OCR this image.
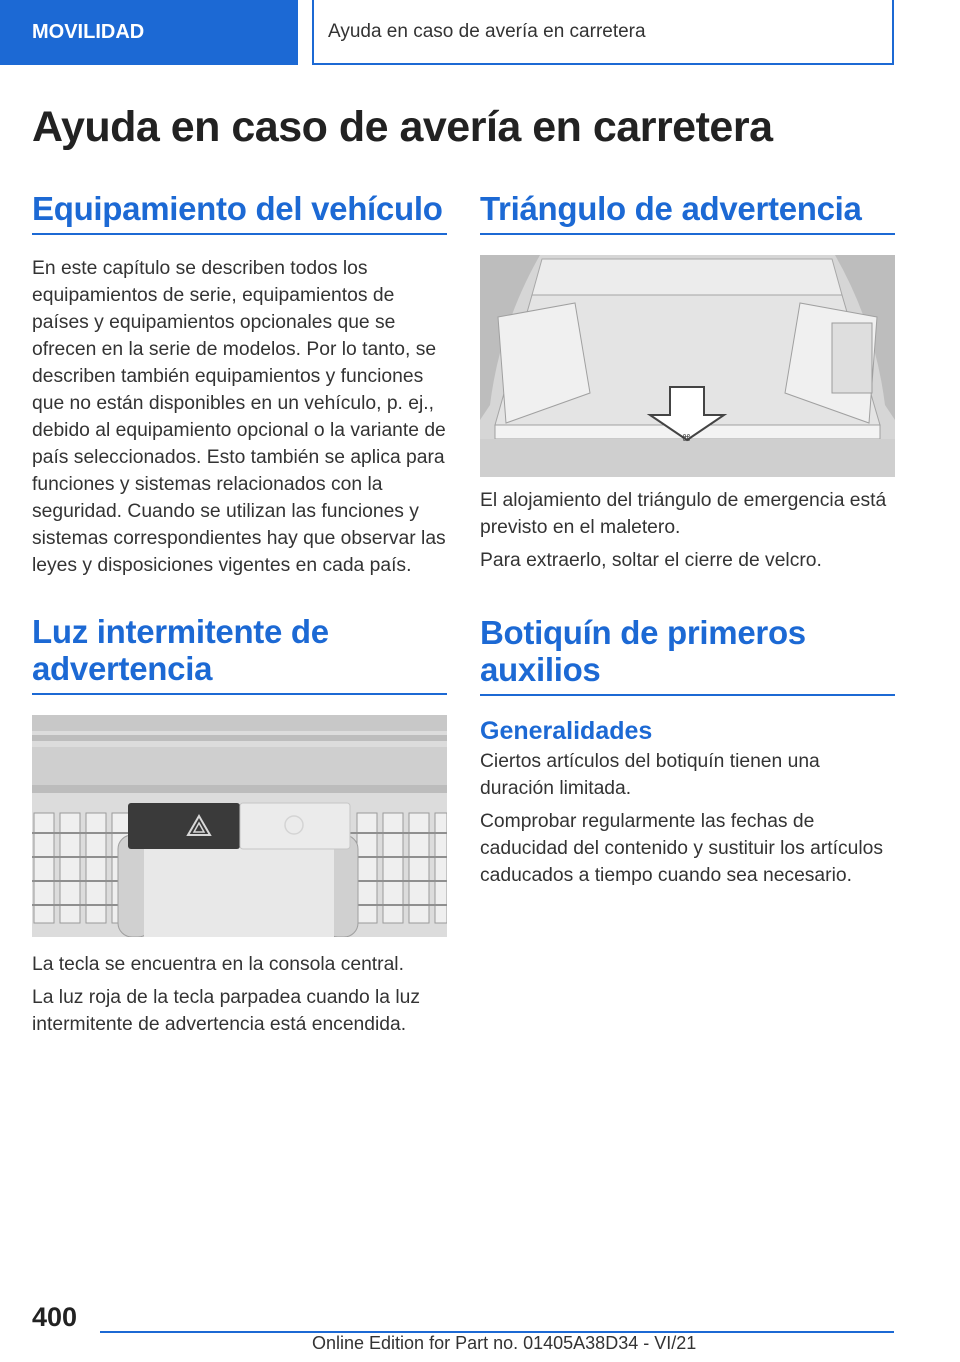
MOVILIDAD	Ayuda en caso de avería en carretera
Ayuda en caso de avería en carretera
Equipamiento del vehículo

En este capítulo se describen todos los equipamientos de serie, equipamientos de países y equipamientos opcionales que se ofrecen en la serie de modelos. Por lo tanto, se describen también equipamientos y funciones que no están disponibles en un vehículo, p. ej., debido al equipamiento opcional o la variante de país seleccionados. Esto también se aplica para funciones y sistemas relacionados con la seguridad. Cuando se utilizan las funciones y sistemas correspondientes hay que observar las leyes y disposiciones vigentes en cada país.

Luz intermitente de advertencia

La tecla se encuentra en la consola central.

La luz roja de la tecla parpadea cuando la luz intermitente de advertencia está encendida.

Triángulo de advertencia
⌘

El alojamiento del triángulo de emergencia está previsto en el maletero.

Para extraerlo, soltar el cierre de velcro.

Botiquín de primeros auxilios
Generalidades

Ciertos artículos del botiquín tienen una duración limitada.

Comprobar regularmente las fechas de caducidad del contenido y sustituir los artículos caducados a tiempo cuando sea necesario.

400
Online Edition for Part no. 01405A38D34 - VI/21
